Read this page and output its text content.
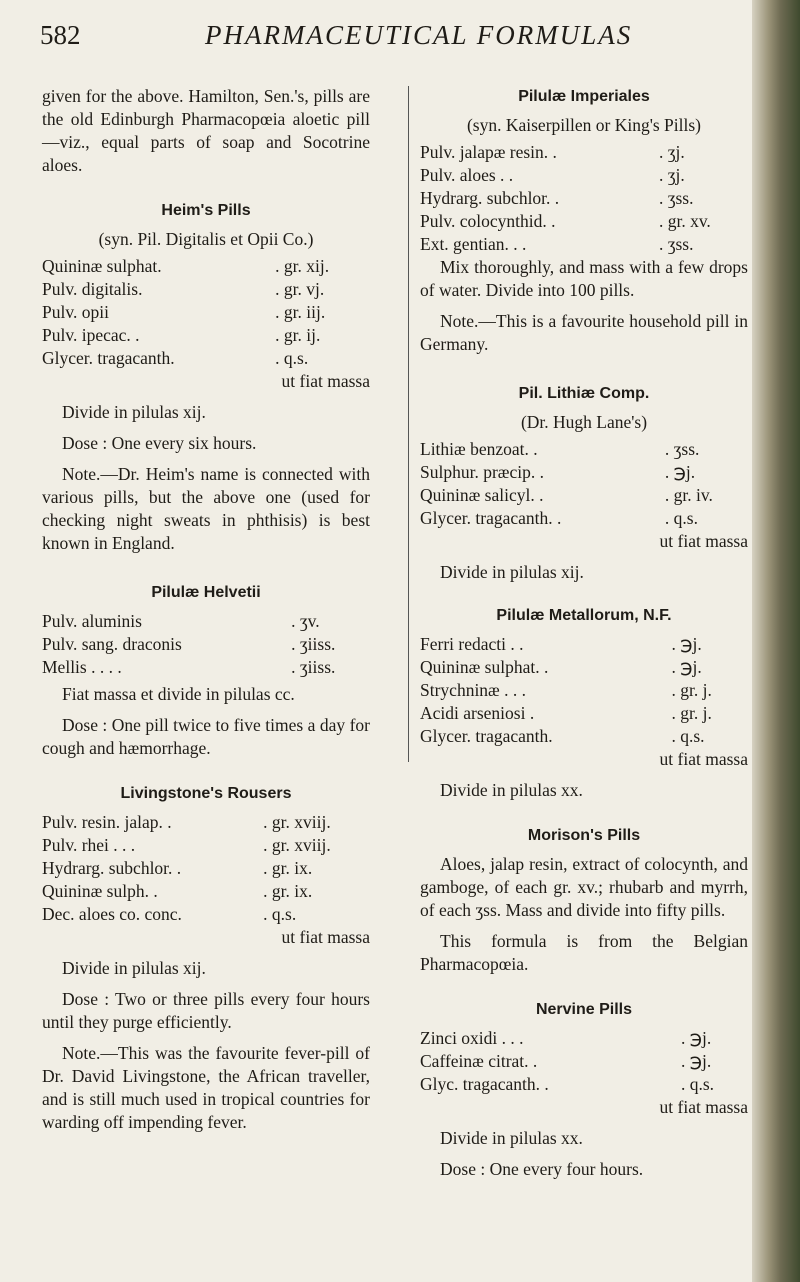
582	PHARMACEUTICAL FORMULAS

given for the above. Hamilton, Sen.'s, pills are the old Edinburgh Pharmacopœia aloetic pill—viz., equal parts of soap and Socotrine aloes.

Heim's Pills

(syn. Pil. Digitalis et Opii Co.)

Quininæ sulphat.	. gr. xij.
Pulv. digitalis.	. gr. vj.
Pulv. opii	. gr. iij.
Pulv. ipecac. .	. gr. ij.
Glycer. tragacanth.	. q.s.

ut fiat massa

Divide in pilulas xij.

Dose : One every six hours.

Note.—Dr. Heim's name is connected with various pills, but the above one (used for checking night sweats in phthisis) is best known in England.

Pilulæ Helvetii
Pulv. aluminis	. ʒv.
Pulv. sang. draconis	. ʒiiss.
Mellis . . . .	. ʒiiss.

Fiat massa et divide in pilulas cc.

Dose : One pill twice to five times a day for cough and hæmorrhage.

Livingstone's Rousers
Pulv. resin. jalap. .	. gr. xviij.
Pulv. rhei . . .	. gr. xviij.
Hydrarg. subchlor. .	. gr. ix.
Quininæ sulph. .	. gr. ix.
Dec. aloes co. conc.	. q.s.

ut fiat massa

Divide in pilulas xij.

Dose : Two or three pills every four hours until they purge efficiently.

Note.—This was the favourite fever-pill of Dr. David Livingstone, the African traveller, and is still much used in tropical countries for warding off impending fever.

Pilulæ Imperiales

(syn. Kaiserpillen or King's Pills)

Pulv. jalapæ resin. .	. ʒj.
Pulv. aloes . .	. ʒj.
Hydrarg. subchlor. .	. ʒss.
Pulv. colocynthid. .	. gr. xv.
Ext. gentian. . .	. ʒss.

Mix thoroughly, and mass with a few drops of water. Divide into 100 pills.

Note.—This is a favourite household pill in Germany.

Pil. Lithiæ Comp.

(Dr. Hugh Lane's)

Lithiæ benzoat. .	. ʒss.
Sulphur. præcip. .	. ℈j.
Quininæ salicyl. .	. gr. iv.
Glycer. tragacanth. .	. q.s.

ut fiat massa

Divide in pilulas xij.

Pilulæ Metallorum, N.F.
Ferri redacti . .	. ℈j.
Quininæ sulphat. .	. ℈j.
Strychninæ . . .	. gr. j.
Acidi arseniosi .	. gr. j.
Glycer. tragacanth.	. q.s.

ut fiat massa

Divide in pilulas xx.

Morison's Pills

Aloes, jalap resin, extract of colocynth, and gamboge, of each gr. xv.; rhubarb and myrrh, of each ʒss. Mass and divide into fifty pills.

This formula is from the Belgian Pharmacopœia.

Nervine Pills
Zinci oxidi . . .	. ℈j.
Caffeinæ citrat. .	. ℈j.
Glyc. tragacanth. .	. q.s.

ut fiat massa

Divide in pilulas xx.

Dose : One every four hours.
